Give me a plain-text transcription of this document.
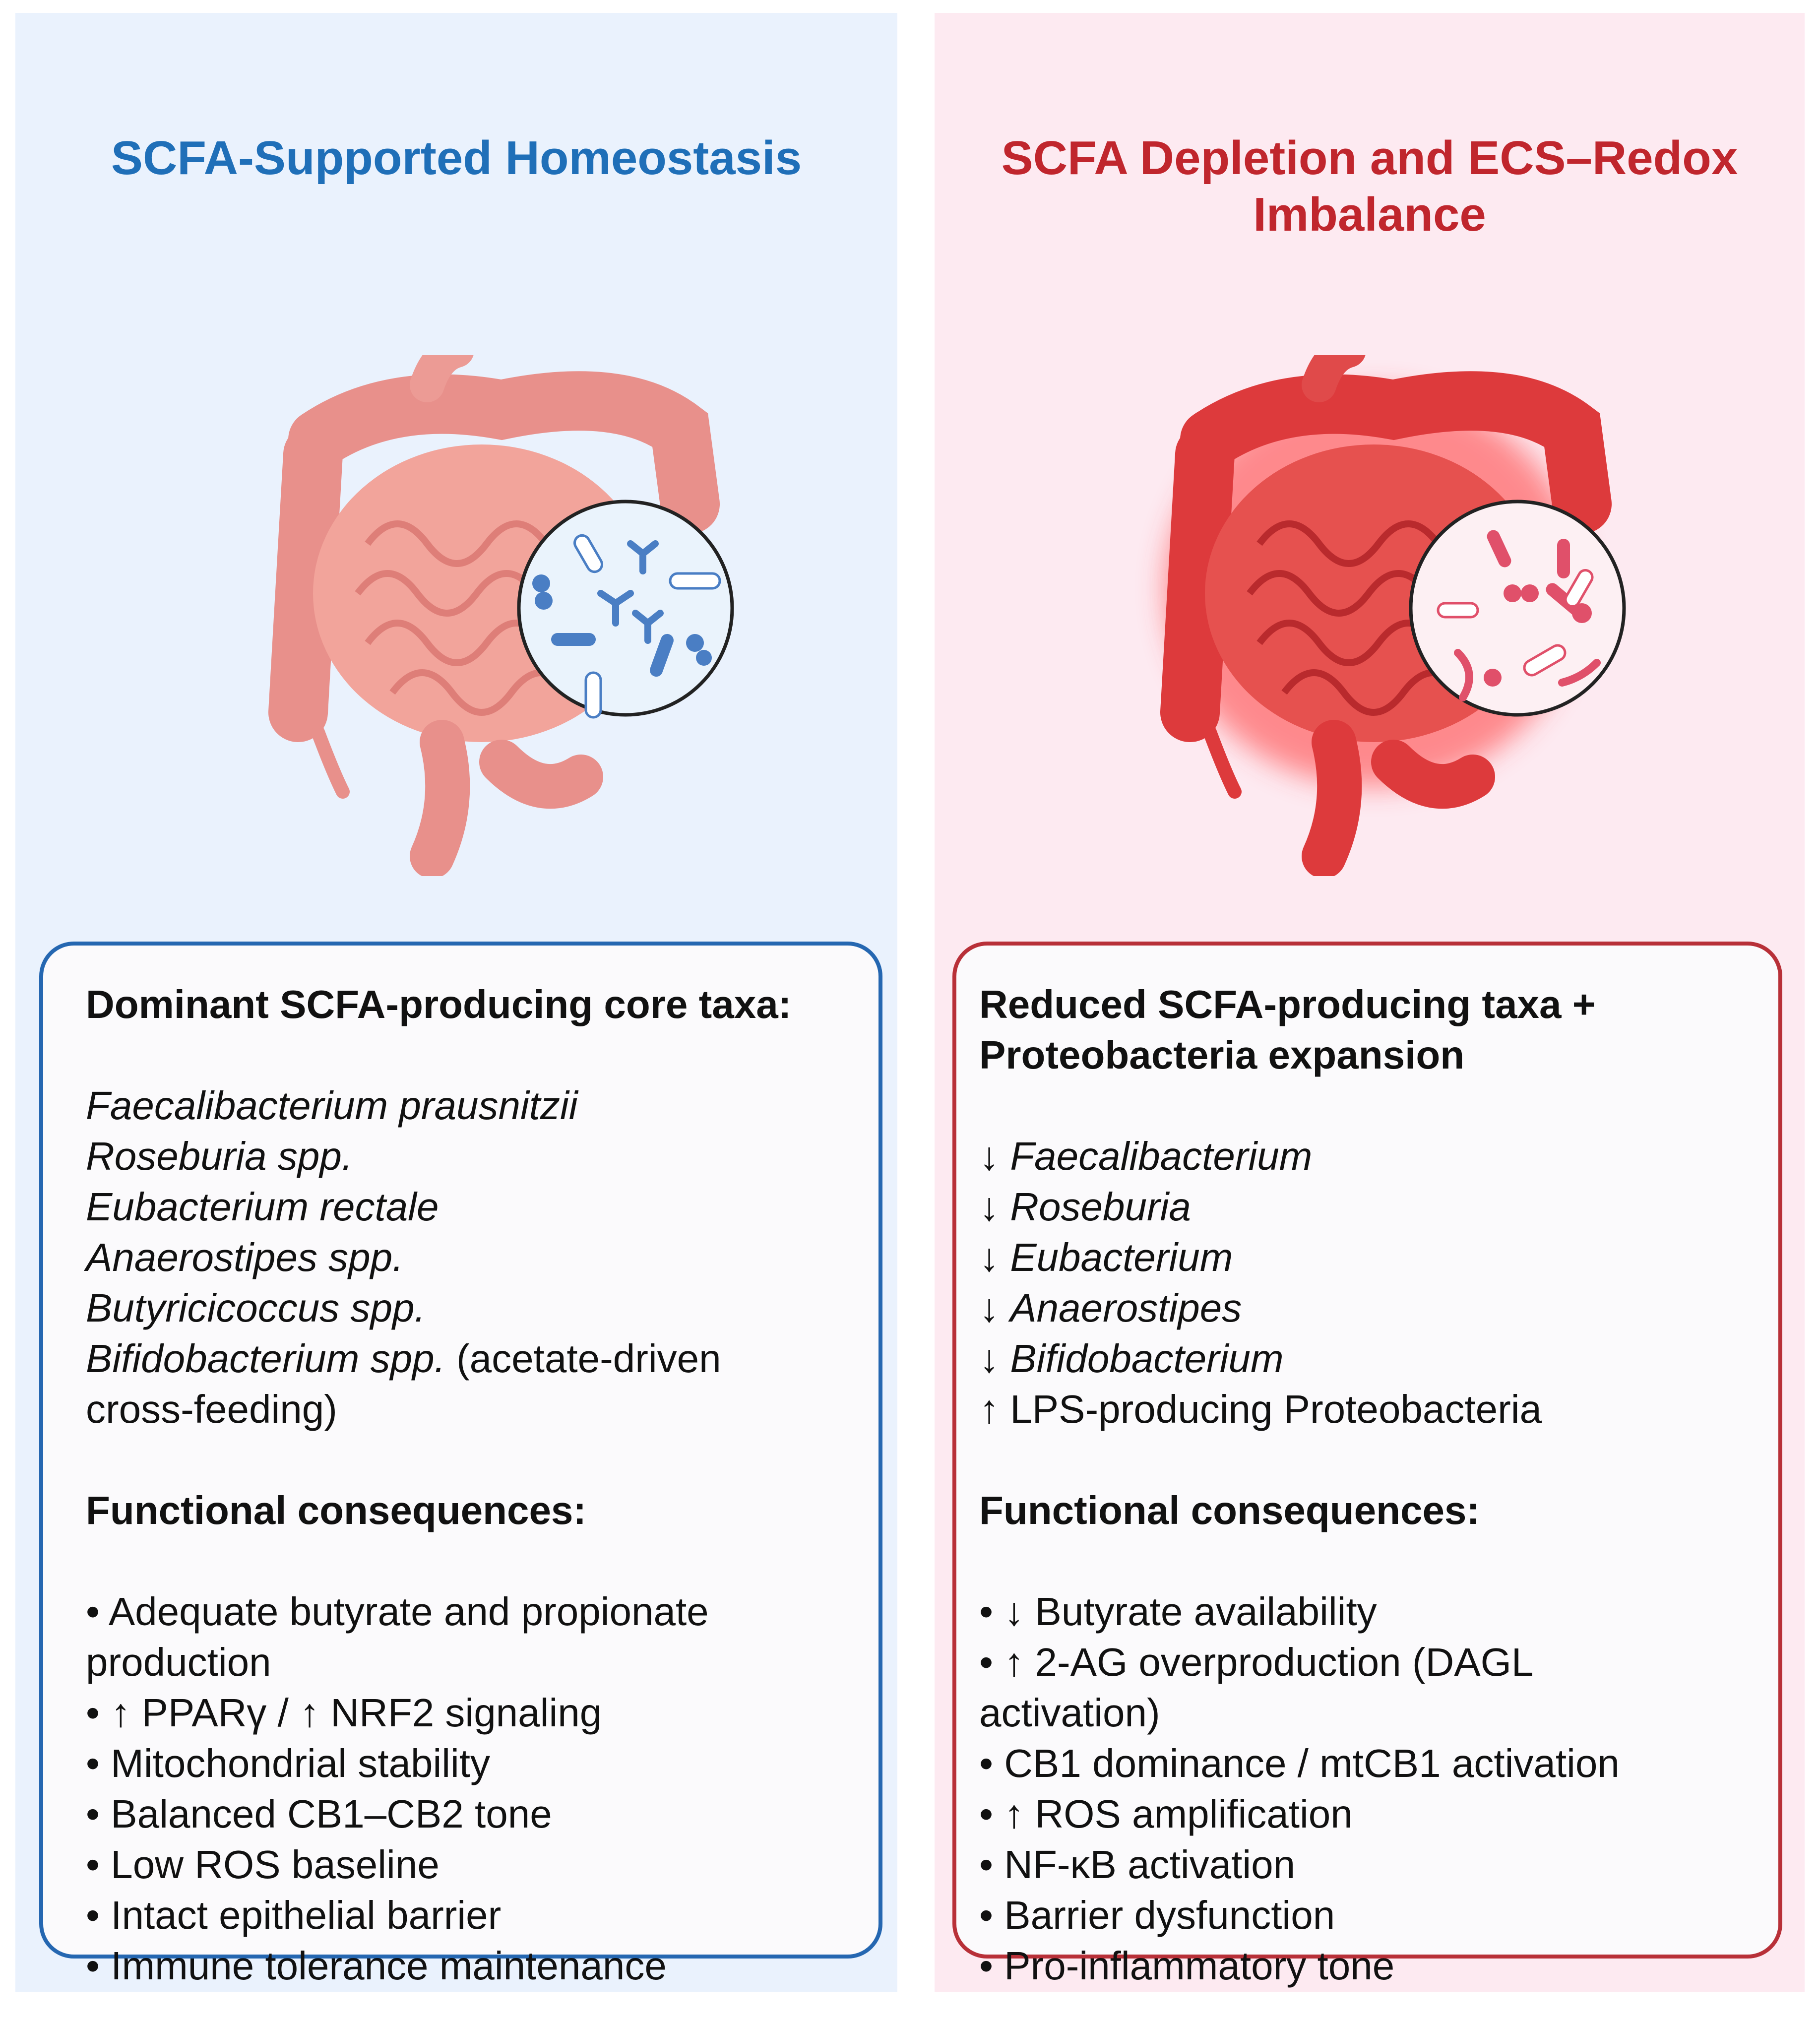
SCFA-Supported Homeostasis

Dominant SCFA-producing core taxa:

Faecalibacterium prausnitzii

Roseburia spp.

Eubacterium rectale

Anaerostipes spp.

Butyricicoccus spp.

Bifidobacterium spp. (acetate-driven

cross-feeding)

Functional consequences:

• Adequate butyrate and propionate

production

• ↑ PPARγ / ↑ NRF2 signaling

• Mitochondrial stability

• Balanced CB1–CB2 tone

• Low ROS baseline

• Intact epithelial barrier

• Immune tolerance maintenance

SCFA Depletion and ECS–Redox
Imbalance

Reduced SCFA-producing taxa +
Proteobacteria expansion

↓ Faecalibacterium

↓ Roseburia

↓ Eubacterium

↓ Anaerostipes

↓ Bifidobacterium

↑ LPS-producing Proteobacteria

Functional consequences:

• ↓ Butyrate availability

• ↑ 2-AG overproduction (DAGL

activation)

• CB1 dominance / mtCB1 activation

• ↑ ROS amplification

• NF-κB activation

• Barrier dysfunction

• Pro-inflammatory tone
